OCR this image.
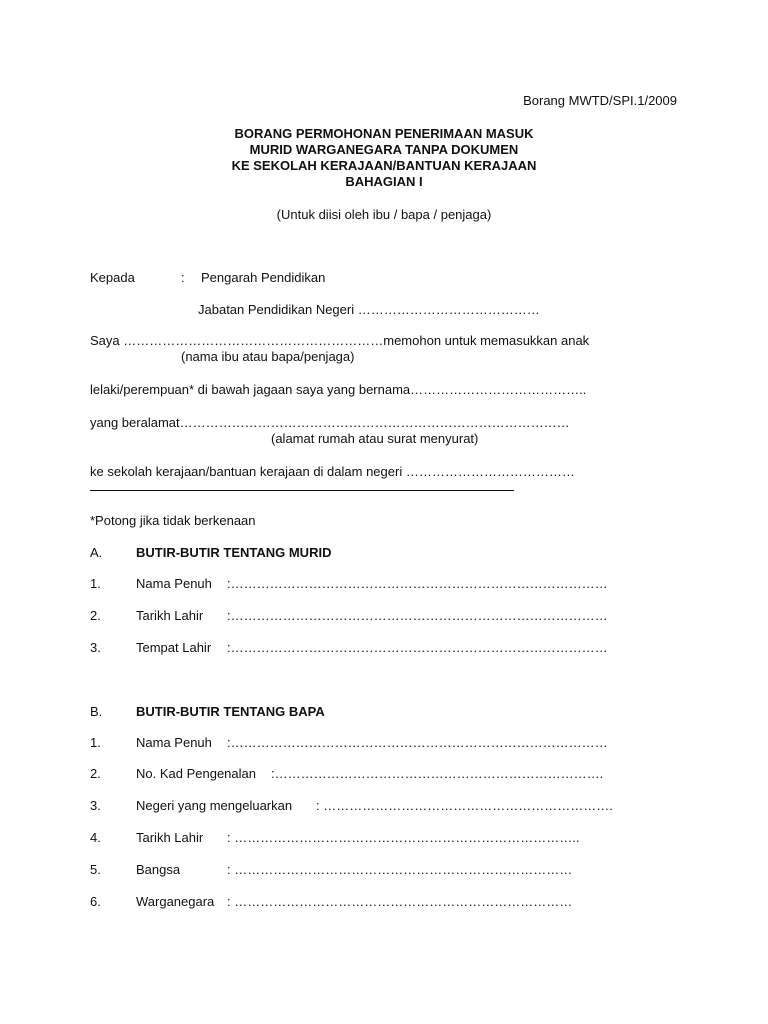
Borang MWTD/SPI.1/2009
BORANG PERMOHONAN PENERIMAAN MASUK
MURID WARGANEGARA TANPA DOKUMEN
KE SEKOLAH KERAJAAN/BANTUAN KERAJAAN
BAHAGIAN I
(Untuk diisi oleh ibu / bapa / penjaga)
Kepada	: Pengarah Pendidikan
Jabatan Pendidikan Negeri ……………………………………
Saya ……………………………………………………memohon untuk memasukkan anak
(nama ibu atau bapa/penjaga)
lelaki/perempuan* di bawah jagaan saya yang bernama…………………………………..
yang beralamat………………………………………………………………………………
(alamat rumah atau surat menyurat)
ke sekolah kerajaan/bantuan kerajaan di dalam negeri …………………………………
*Potong jika tidak berkenaan
A.	BUTIR-BUTIR TENTANG MURID
1.	Nama Penuh :……………………………………………………………………………
2.	Tarikh Lahir :……………………………………………………………………………
3.	Tempat Lahir :……………………………………………………………………………
B.	BUTIR-BUTIR TENTANG BAPA
1.	Nama Penuh :……………………………………………………………………………
2.	No. Kad Pengenalan :………………………………………………………………….
3.	Negeri yang mengeluarkan : ………………………………………………………….
4.	Tarikh Lahir : ……………………………………………………………………..
5.	Bangsa	: ……………………………………………………………………
6.	Warganegara : ……………………………………………………………………
